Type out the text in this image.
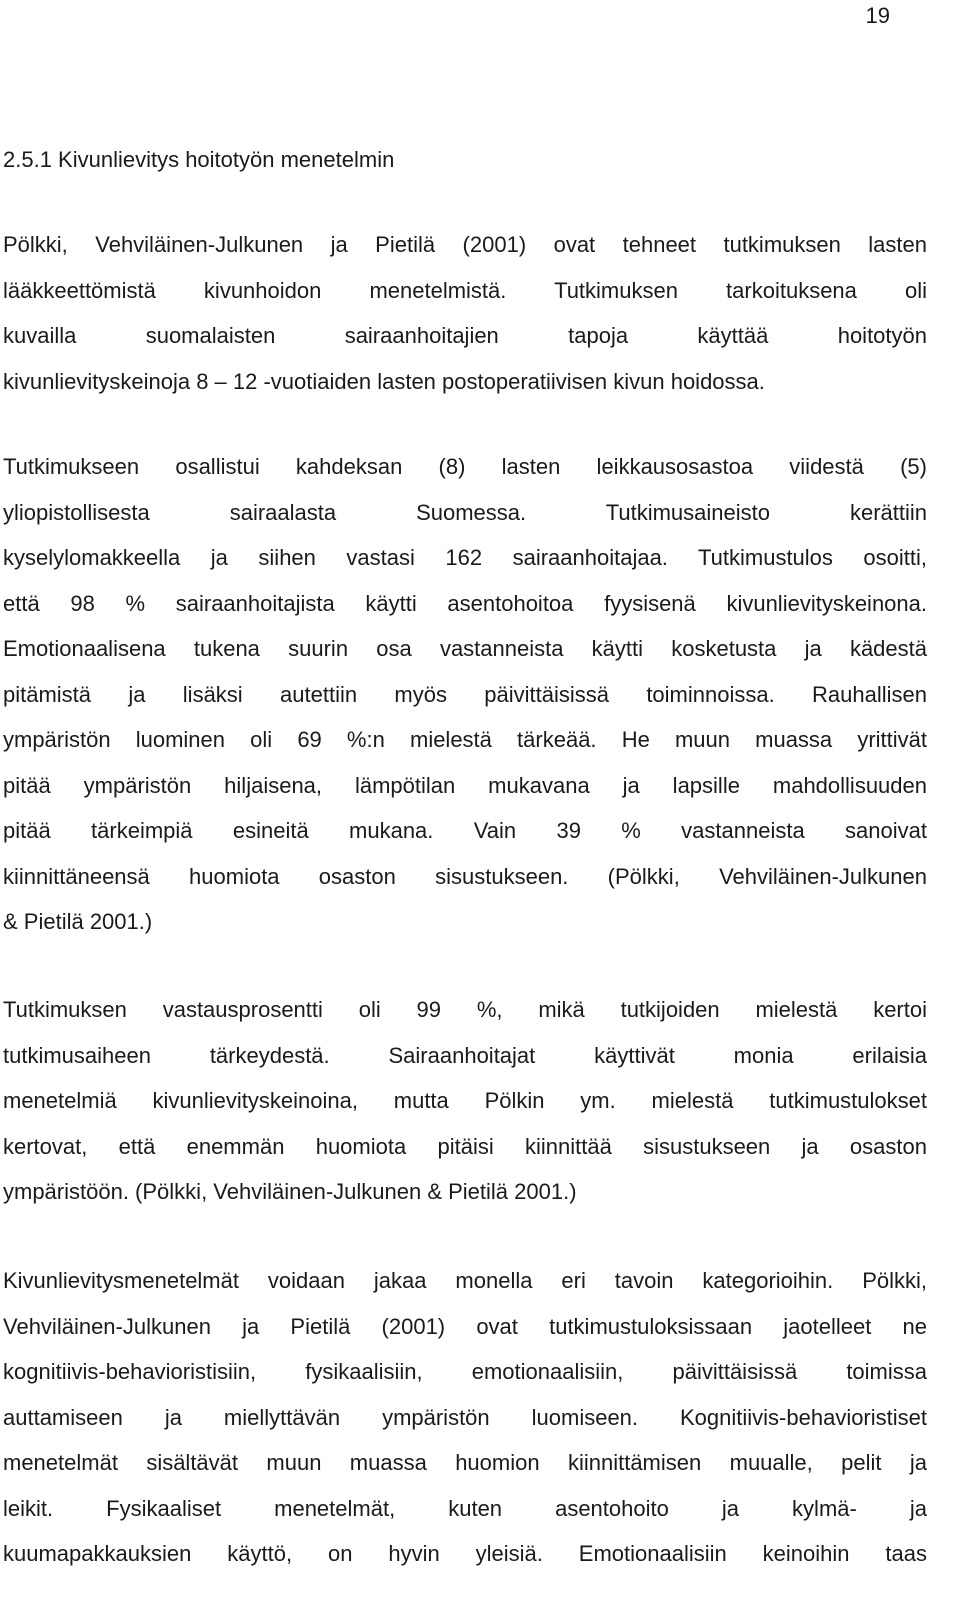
19

2.5.1 Kivunlievitys hoitotyön menetelmin
Pölkki, Vehviläinen-Julkunen ja Pietilä (2001) ovat tehneet tutkimuksen lasten
lääkkeettömistä kivunhoidon menetelmistä. Tutkimuksen tarkoituksena oli
kuvailla suomalaisten sairaanhoitajien tapoja käyttää hoitotyön
kivunlievityskeinoja 8 – 12 -vuotiaiden lasten postoperatiivisen kivun hoidossa.
Tutkimukseen osallistui kahdeksan (8) lasten leikkausosastoa viidestä (5)
yliopistollisesta sairaalasta Suomessa. Tutkimusaineisto kerättiin
kyselylomakkeella ja siihen vastasi 162 sairaanhoitajaa. Tutkimustulos osoitti,
että 98 % sairaanhoitajista käytti asentohoitoa fyysisenä kivunlievityskeinona.
Emotionaalisena tukena suurin osa vastanneista käytti kosketusta ja kädestä
pitämistä ja lisäksi autettiin myös päivittäisissä toiminnoissa. Rauhallisen
ympäristön luominen oli 69 %:n mielestä tärkeää. He muun muassa yrittivät
pitää ympäristön hiljaisena, lämpötilan mukavana ja lapsille mahdollisuuden
pitää tärkeimpiä esineitä mukana. Vain 39 % vastanneista sanoivat
kiinnittäneensä huomiota osaston sisustukseen. (Pölkki, Vehviläinen-Julkunen
& Pietilä 2001.)
Tutkimuksen vastausprosentti oli 99 %, mikä tutkijoiden mielestä kertoi
tutkimusaiheen tärkeydestä. Sairaanhoitajat käyttivät monia erilaisia
menetelmiä kivunlievityskeinoina, mutta Pölkin ym. mielestä tutkimustulokset
kertovat, että enemmän huomiota pitäisi kiinnittää sisustukseen ja osaston
ympäristöön. (Pölkki, Vehviläinen-Julkunen & Pietilä 2001.)
Kivunlievitysmenetelmät voidaan jakaa monella eri tavoin kategorioihin. Pölkki,
Vehviläinen-Julkunen ja Pietilä (2001) ovat tutkimustuloksissaan jaotelleet ne
kognitiivis-behavioristisiin, fysikaalisiin, emotionaalisiin, päivittäisissä toimissa
auttamiseen ja miellyttävän ympäristön luomiseen. Kognitiivis-behavioristiset
menetelmät sisältävät muun muassa huomion kiinnittämisen muualle, pelit ja
leikit. Fysikaaliset menetelmät, kuten asentohoito ja kylmä- ja
kuumapakkauksien käyttö, on hyvin yleisiä. Emotionaalisiin keinoihin taas
